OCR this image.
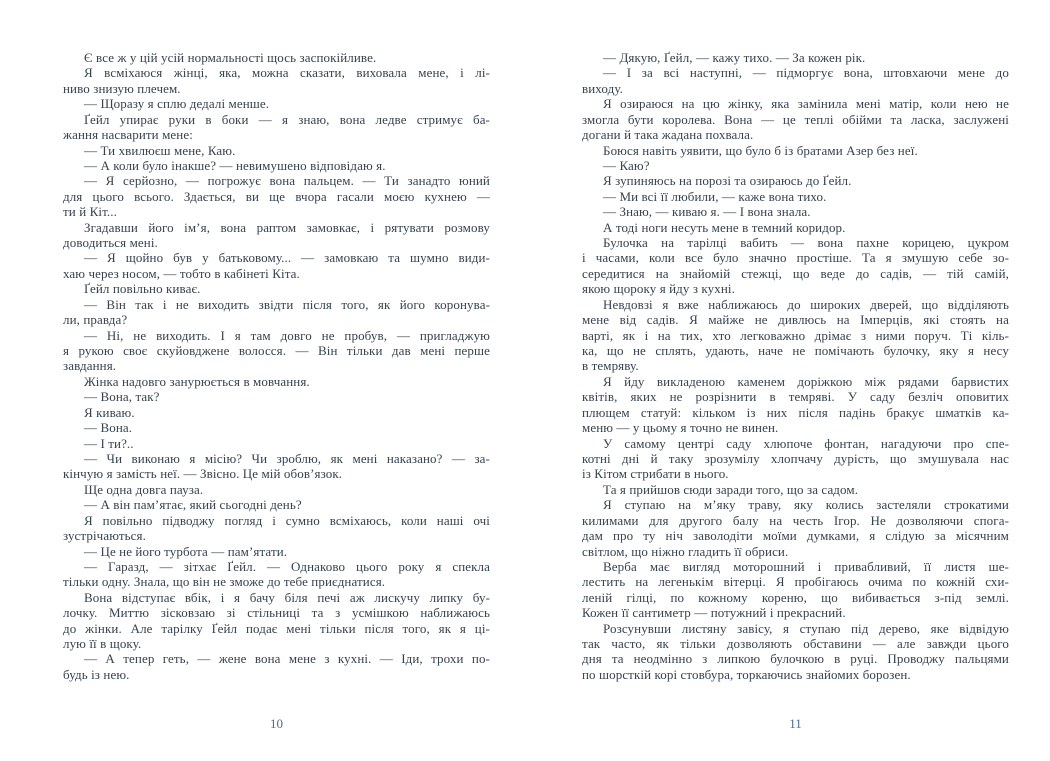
Є все ж у цій усій нормальності щось заспокійливе.
Я всміхаюся жінці, яка, можна сказати, виховала мене, і лі-
ниво знизую плечем.
— Щоразу я сплю дедалі менше.
Ґейл упирає руки в боки — я знаю, вона ледве стримує ба-
жання насварити мене:
— Ти хвилюєш мене, Каю.
— А коли було інакше? — невимушено відповідаю я.
— Я серйозно, — погрожує вона пальцем. — Ти занадто юний
для цього всього. Здається, ви ще вчора гасали моєю кухнею —
ти й Кіт...
Згадавши його ім’я, вона раптом замовкає, і рятувати розмову
доводиться мені.
— Я щойно був у батьковому... — замовкаю та шумно види-
хаю через носом, — тобто в кабінеті Кіта.
Ґейл повільно киває.
— Він так і не виходить звідти після того, як його коронува-
ли, правда?
— Ні, не виходить. І я там довго не пробув, — пригладжую
я рукою своє скуйовджене волосся. — Він тільки дав мені перше
завдання.
Жінка надовго занурюється в мовчання.
— Вона, так?
Я киваю.
— Вона.
— І ти?..
— Чи виконаю я місію? Чи зроблю, як мені наказано? — за-
кінчую я замість неї. — Звісно. Це мій обов’язок.
Ще одна довга пауза.
— А він пам’ятає, який сьогодні день?
Я повільно підводжу погляд і сумно всміхаюсь, коли наші очі
зустрічаються.
— Це не його турбота — пам’ятати.
— Гаразд, — зітхає Ґейл. — Однаково цього року я спекла
тільки одну. Знала, що він не зможе до тебе приєднатися.
Вона відступає вбік, і я бачу біля печі аж лискучу липку бу-
лочку. Миттю зісковзаю зі стільниці та з усмішкою наближаюсь
до жінки. Але тарілку Ґейл подає мені тільки після того, як я ці-
лую її в щоку.
— А тепер геть, — жене вона мене з кухні. — Іди, трохи по-
будь із нею.
10
— Дякую, Ґейл, — кажу тихо. — За кожен рік.
— І за всі наступні, — підморгує вона, штовхаючи мене до
виходу.
Я озираюся на цю жінку, яка замінила мені матір, коли нею не
змогла бути королева. Вона — це теплі обійми та ласка, заслужені
догани й така жадана похвала.
Боюся навіть уявити, що було б із братами Азер без неї.
— Каю?
Я зупиняюсь на порозі та озираюсь до Ґейл.
— Ми всі її любили, — каже вона тихо.
— Знаю, — киваю я. — І вона знала.
А тоді ноги несуть мене в темний коридор.
Булочка на тарілці вабить — вона пахне корицею, цукром
і часами, коли все було значно простіше. Та я змушую себе зо-
середитися на знайомій стежці, що веде до садів, — тій самій,
якою щороку я йду з кухні.
Невдовзі я вже наближаюсь до широких дверей, що відділяють
мене від садів. Я майже не дивлюсь на Імперців, які стоять на
варті, як і на тих, хто легковажно дрімає з ними поруч. Ті кіль-
ка, що не сплять, удають, наче не помічають булочку, яку я несу
в темряву.
Я йду викладеною каменем доріжкою між рядами барвистих
квітів, яких не розрізнити в темряві. У саду безліч оповитих
плющем статуй: кільком із них після падінь бракує шматків ка-
меню — у цьому я точно не винен.
У самому центрі саду хлюпоче фонтан, нагадуючи про спе-
котні дні й таку зрозумілу хлопчачу дурість, що змушувала нас
із Кітом стрибати в нього.
Та я прийшов сюди заради того, що за садом.
Я ступаю на м’яку траву, яку колись застеляли строкатими
килимами для другого балу на честь Ігор. Не дозволяючи спога-
дам про ту ніч заволодіти моїми думками, я слідую за місячним
світлом, що ніжно гладить її обриси.
Верба має вигляд моторошний і привабливий, її листя ше-
лестить на легенькім вітерці. Я пробігаюсь очима по кожній схи-
леній гілці, по кожному кореню, що вибивається з-під землі.
Кожен її сантиметр — потужний і прекрасний.
Розсунувши листяну завісу, я ступаю під дерево, яке відвідую
так часто, як тільки дозволяють обставини — але завжди цього
дня та неодмінно з липкою булочкою в руці. Проводжу пальцями
по шорсткій корі стовбура, торкаючись знайомих борозен.
11
